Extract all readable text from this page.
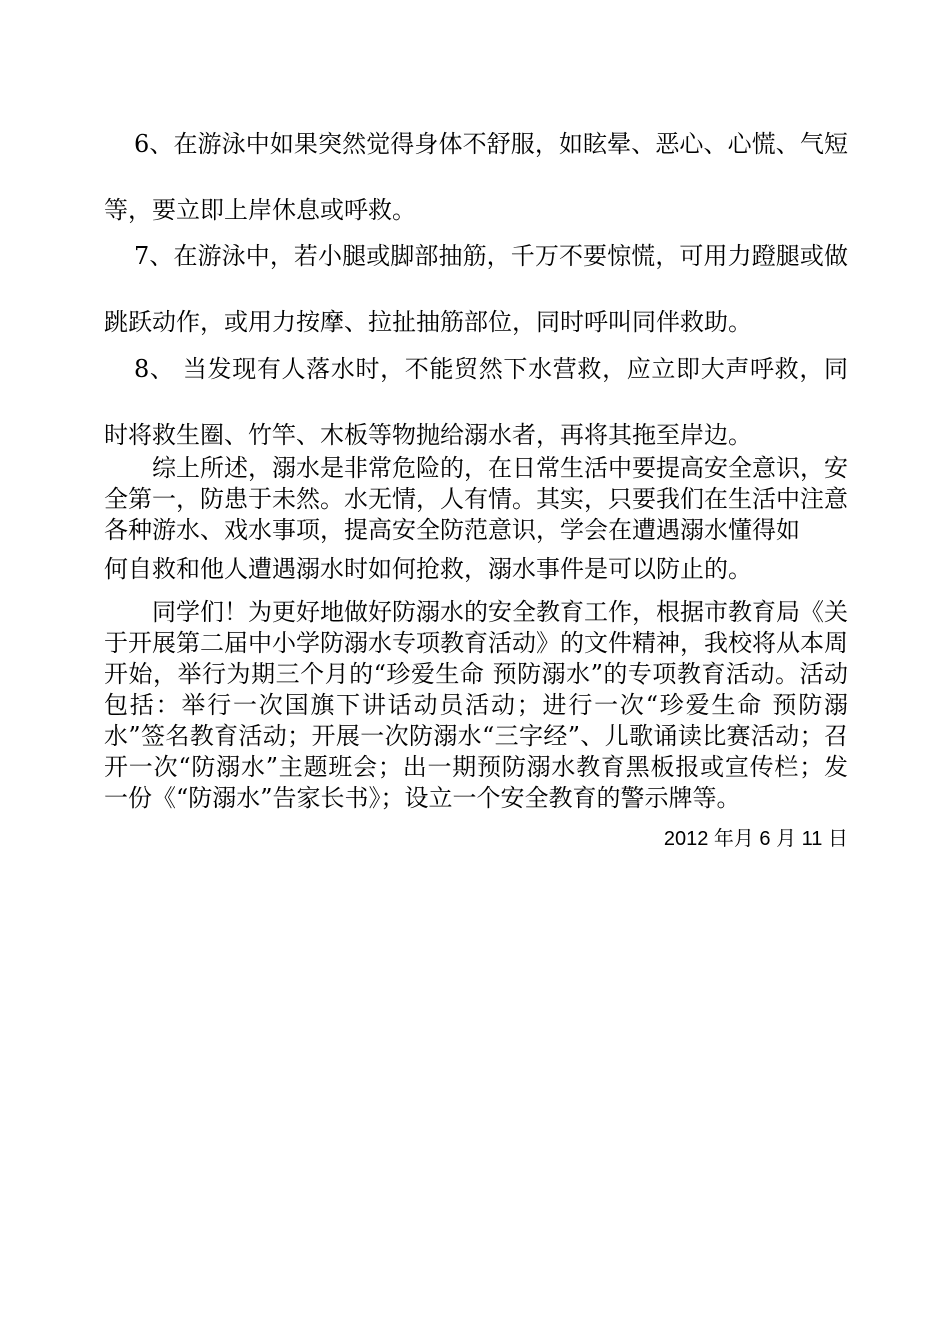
6、在游泳中如果突然觉得身体不舒服，如眩晕、恶心、心慌、气短等，要立即上岸休息或呼救。

7、在游泳中，若小腿或脚部抽筋，千万不要惊慌，可用力蹬腿或做跳跃动作，或用力按摩、拉扯抽筋部位，同时呼叫同伴救助。

8、 当发现有人落水时，不能贸然下水营救，应立即大声呼救，同时将救生圈、竹竿、木板等物抛给溺水者，再将其拖至岸边。

综上所述，溺水是非常危险的，在日常生活中要提高安全意识，安全第一，防患于未然。水无情，人有情。其实，只要我们在生活中注意各种游水、戏水事项，提高安全防范意识，学会在遭遇溺水懂得如

何自救和他人遭遇溺水时如何抢救，溺水事件是可以防止的。

同学们！为更好地做好防溺水的安全教育工作，根据市教育局《关于开展第二届中小学防溺水专项教育活动》的文件精神，我校将从本周开始，举行为期三个月的“珍爱生命 预防溺水”的专项教育活动。活动包括：举行一次国旗下讲话动员活动；进行一次“珍爱生命 预防溺水”签名教育活动；开展一次防溺水“三字经”、儿歌诵读比赛活动；召开一次“防溺水”主题班会；出一期预防溺水教育黑板报或宣传栏；发一份《“防溺水”告家长书》；设立一个安全教育的警示牌等。

2012 年月 6 月 11 日
